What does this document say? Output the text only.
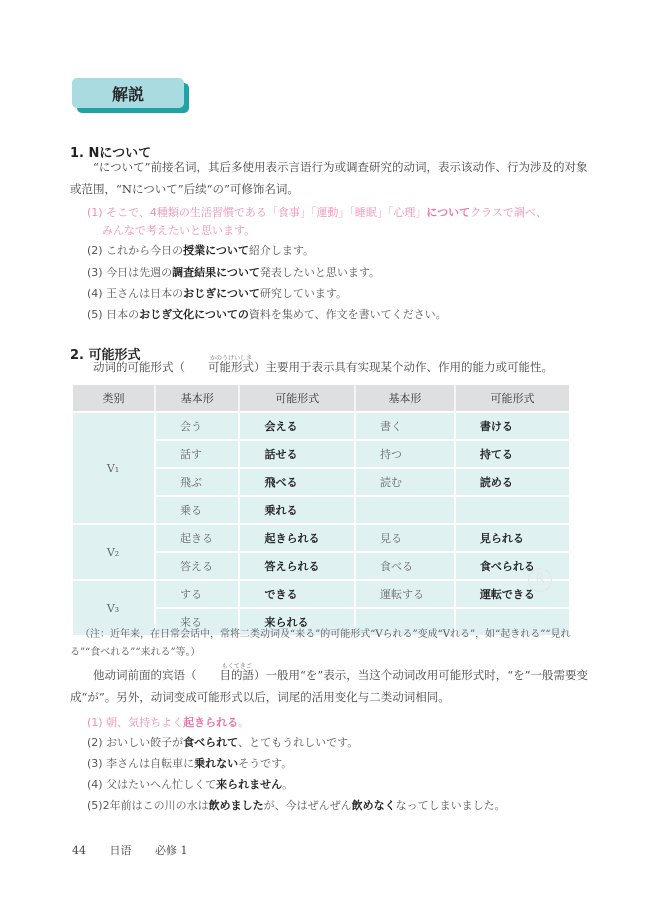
解説
1. Nについて
“について”前接名词，其后多使用表示言语行为或调查研究的动词，表示该动作、行为涉及的对象或范围，“Nについて”后续“の”可修饰名词。
(1) そこで、4種類の生活習慣である「食事」「運動」「睡眠」「心理」についてクラスで調べ、
みんなで考えたいと思います。
(2) これから今日の授業について紹介します。
(3) 今日は先週の調査結果について発表したいと思います。
(4) 王さんは日本のおじぎについて研究しています。
(5) 日本のおじぎ文化についての資料を集めて、作文を書いてください。
2. 可能形式
动词的可能形式（
かのうけいしき
可能形式）主要用于表示具有实现某个动作、作用的能力或可能性。
类别	基本形	可能形式	基本形	可能形式
V₁	会う	会える	書く	書ける
	話す	話せる	持つ	持てる
	飛ぶ	飛べる	読む	読める
	乗る	乗れる		
V₂	起きる	起きられる	見る	見られる
	答える	答えられる	食べる	食べられる
V₃	する	できる	運転する	運転できる
	来る	来られる		
R
（注：近年来，在日常会话中，常将二类动词及“来る”的可能形式“Vられる”变成“Vれる”，如“起きれる”“見れる”“食べれる”“来れる”等。）
他动词前面的宾语（
もくてきご
目的語）一般用“を”表示，当这个动词改用可能形式时，“を”一般需要变成“が”。另外，动词变成可能形式以后，词尾的活用变化与二类动词相同。
(1) 朝、気持ちよく起きられる。
(2) おいしい餃子が食べられて、とてもうれしいです。
(3) 李さんは自転車に乗れないそうです。
(4) 父はたいへん忙しくて来られません。
(5)2年前はこの川の水は飲めましたが、今はぜんぜん飲めなくなってしまいました。
44 日语 必修 1
